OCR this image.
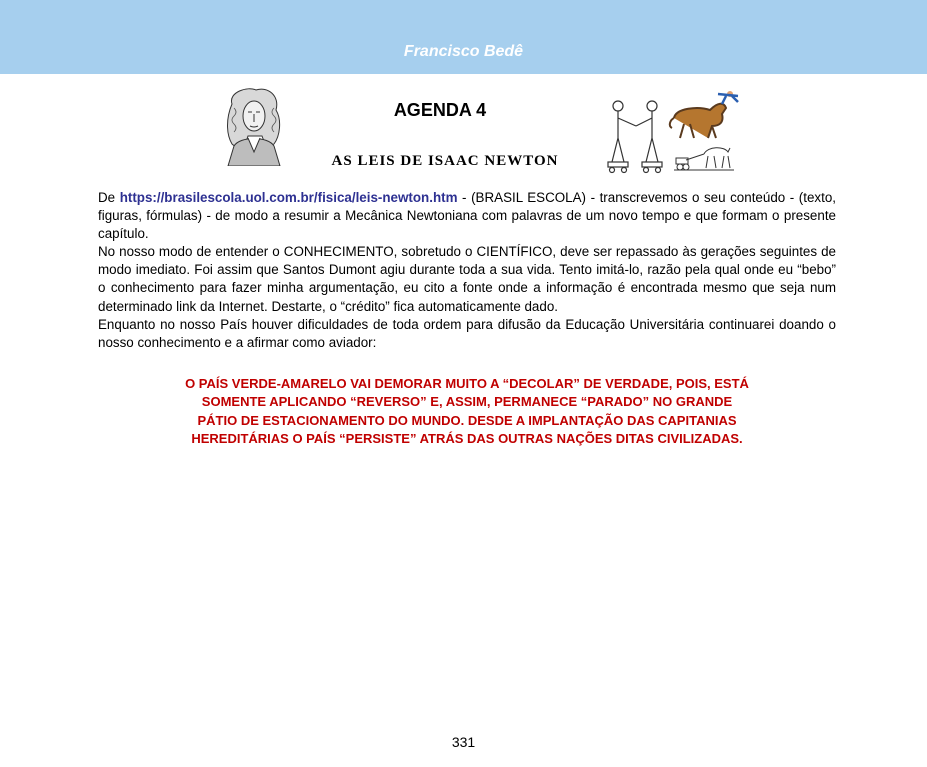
Francisco Bedê
AGENDA 4
AS LEIS DE ISAAC NEWTON

De https://brasilescola.uol.com.br/fisica/leis-newton.htm - (BRASIL ESCOLA) - transcrevemos o seu conteúdo - (texto, figuras, fórmulas) - de modo a resumir a Mecânica Newtoniana com palavras de um novo tempo e que formam o presente capítulo.

No nosso modo de entender o CONHECIMENTO, sobretudo o CIENTÍFICO, deve ser repassado às gerações seguintes de modo imediato. Foi assim que Santos Dumont agiu durante toda a sua vida. Tento imitá-lo, razão pela qual onde eu “bebo” o conhecimento para fazer minha argumentação, eu cito a fonte onde a informação é encontrada mesmo que seja num determinado link da Internet. Destarte, o “crédito” fica automaticamente dado.

Enquanto no nosso País houver dificuldades de toda ordem para difusão da Educação Universitária continuarei doando o nosso conhecimento e a afirmar como aviador:

O PAÍS VERDE-AMARELO VAI DEMORAR MUITO A “DECOLAR” DE VERDADE, POIS, ESTÁ
SOMENTE APLICANDO “REVERSO” E, ASSIM, PERMANECE “PARADO” NO GRANDE
PÁTIO DE ESTACIONAMENTO DO MUNDO. DESDE A IMPLANTAÇÃO DAS CAPITANIAS
HEREDITÁRIAS O PAÍS “PERSISTE” ATRÁS DAS OUTRAS NAÇÕES DITAS CIVILIZADAS.
331
